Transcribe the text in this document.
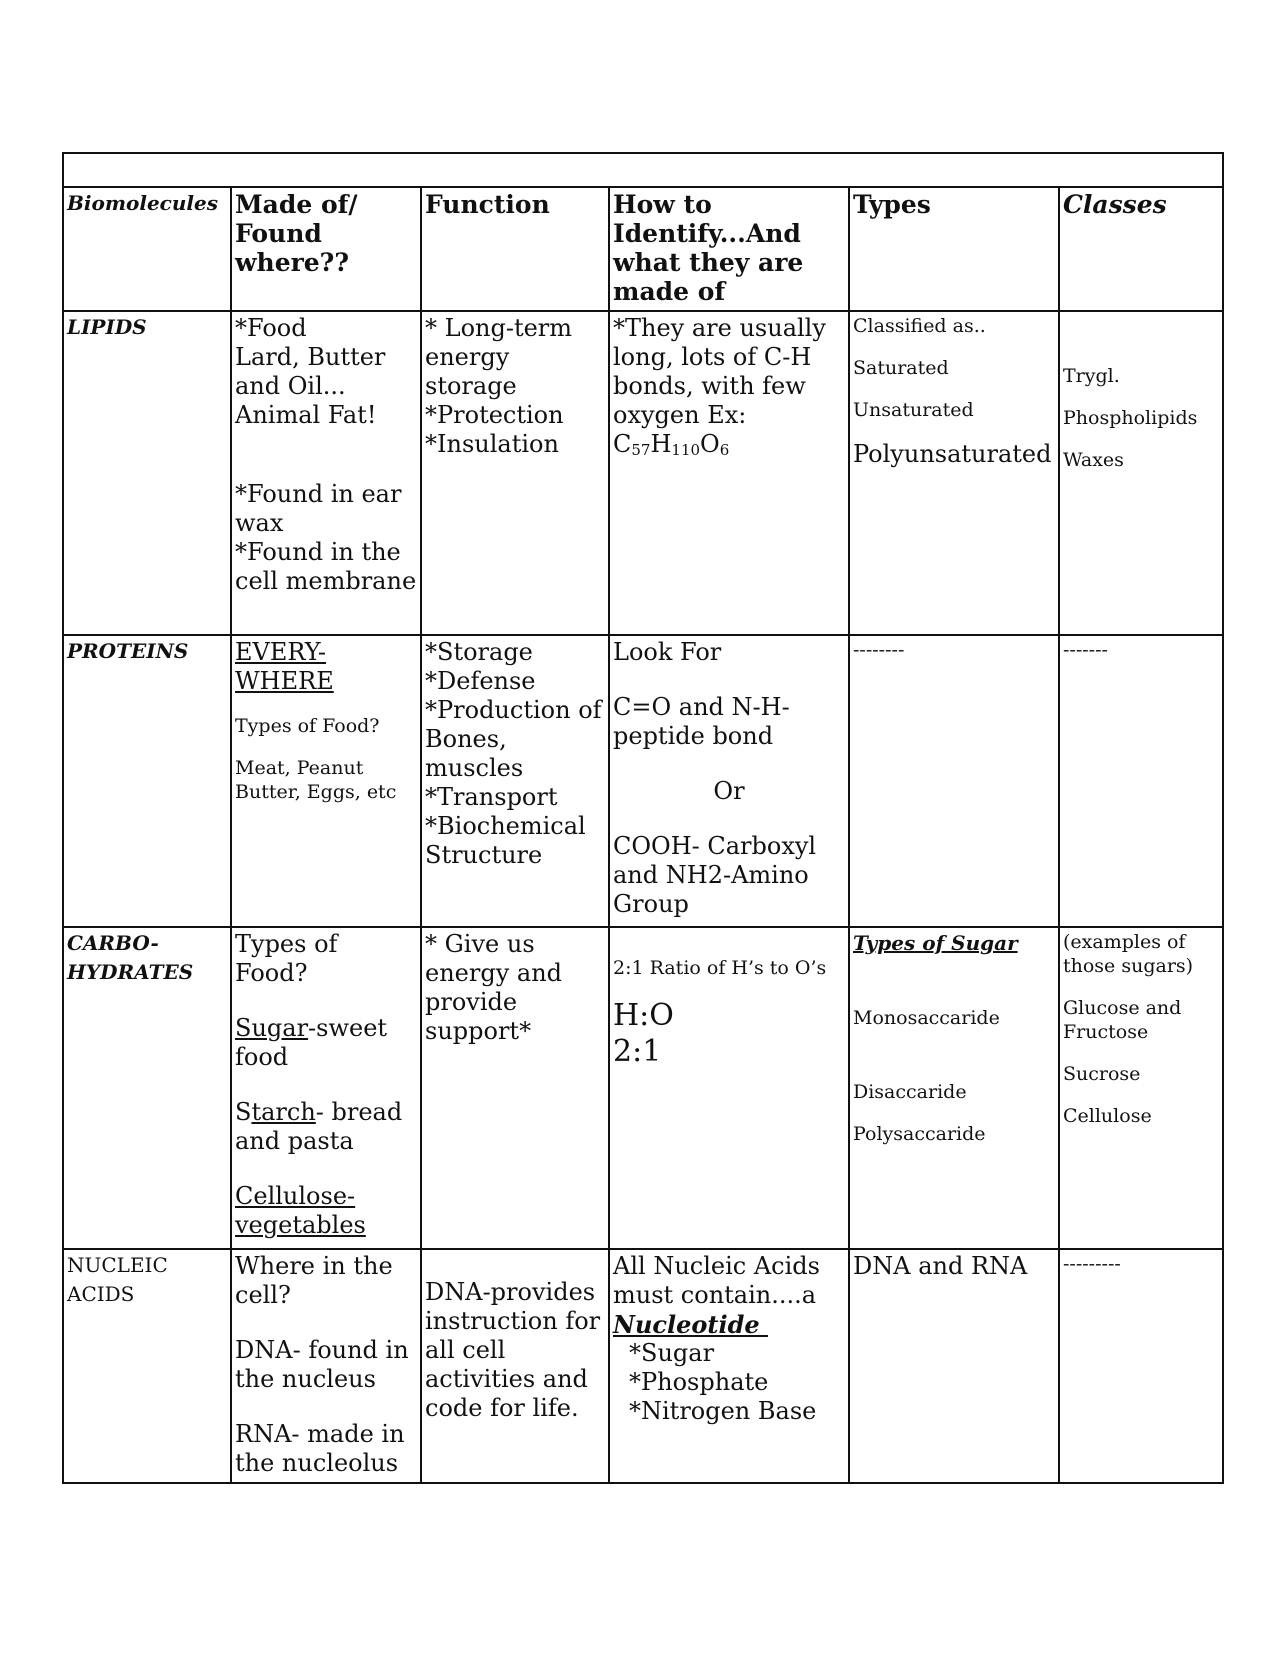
Biomolecules	Made of/ Found where??	Function	How to Identify...And what they are made of	Types	Classes
LIPIDS	*Food
Lard, Butter and Oil...
Animal Fat!
*Found in ear wax
*Found in the cell membrane	* Long-term energy storage
*Protection
*Insulation	*They are usually long, lots of C-H bonds, with few oxygen Ex:
$C_{57}H_{110}O_6$	Classified as..
Saturated
Unsaturated
Polyunsaturated	Trygl.
Phospholipids
Waxes

PROTEINS	EVERY-WHERE
Types of Food?
Meat, Peanut Butter, Eggs, etc	*Storage
*Defense
*Production of Bones, muscles
*Transport
*Biochemical Structure	Look For
C=O and N-H- peptide bond
Or
COOH- Carboxyl and NH2-Amino Group	--------	-------

CARBO-HYDRATES	Types of Food?
Sugar-sweet food
Starch- bread and pasta
Cellulose-vegetables	* Give us energy and provide support*	2:1 Ratio of H’s to O’s
H:O
2:1	Types of Sugar
Monosaccaride
Disaccaride
Polysaccaride	(examples of those sugars)
Glucose and Fructose
Sucrose
Cellulose

NUCLEIC ACIDS	Where in the cell?
DNA- found in the nucleus
RNA- made in the nucleolus	DNA-provides instruction for all cell activities and code for life.	All Nucleic Acids must contain....a
Nucleotide
*Sugar
*Phosphate
*Nitrogen Base	DNA and RNA	---------
